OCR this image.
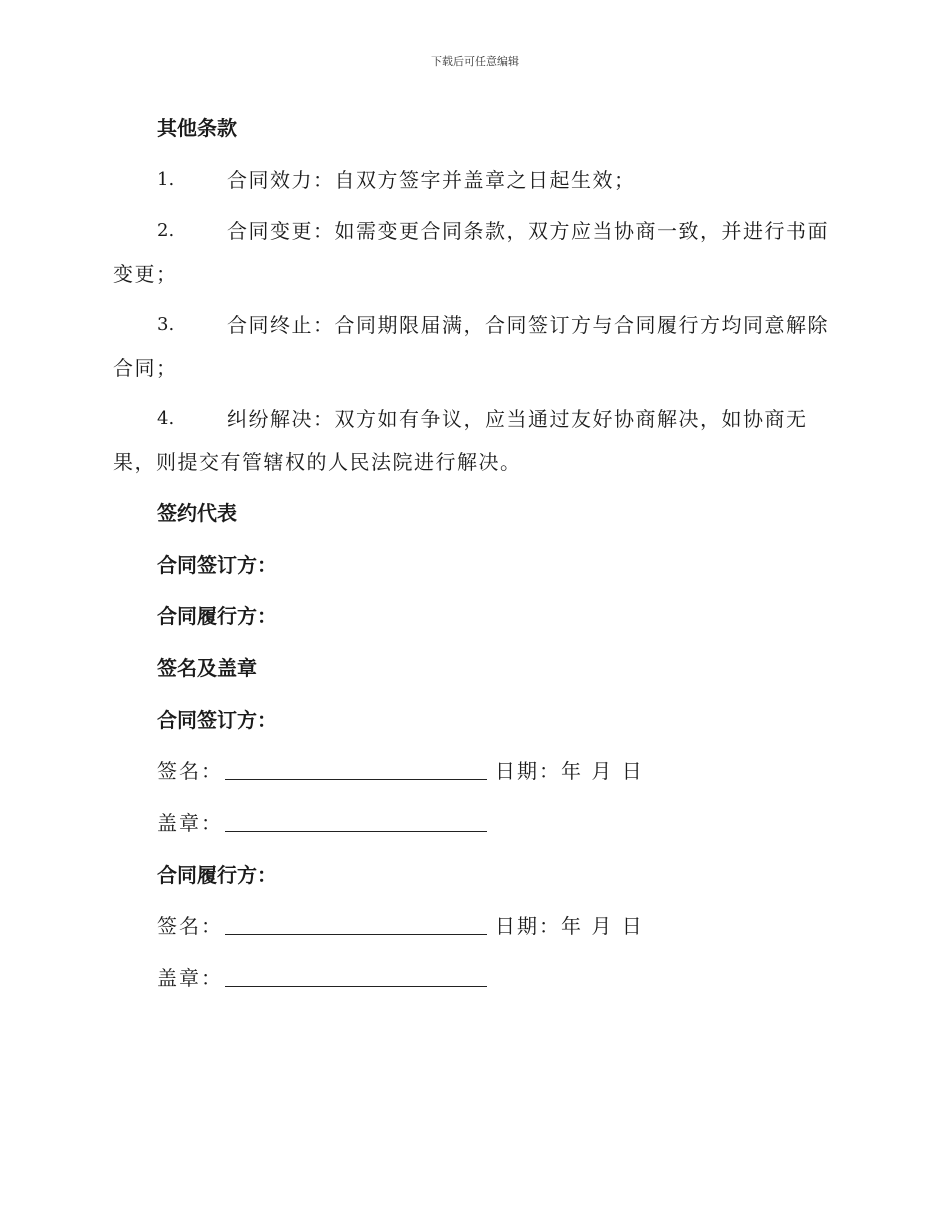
下载后可任意编辑
其他条款
1.	合同效力：自双方签字并盖章之日起生效；
2.	合同变更：如需变更合同条款，双方应当协商一致，并进行书面
变更；
3.	合同终止：合同期限届满，合同签订方与合同履行方均同意解除
合同；
4.	纠纷解决：双方如有争议，应当通过友好协商解决，如协商无
果，则提交有管辖权的人民法院进行解决。
签约代表
合同签订方：
合同履行方：
签名及盖章
合同签订方：
签名：	日期：年 月 日
盖章：
合同履行方：
签名：	日期：年 月 日
盖章：
